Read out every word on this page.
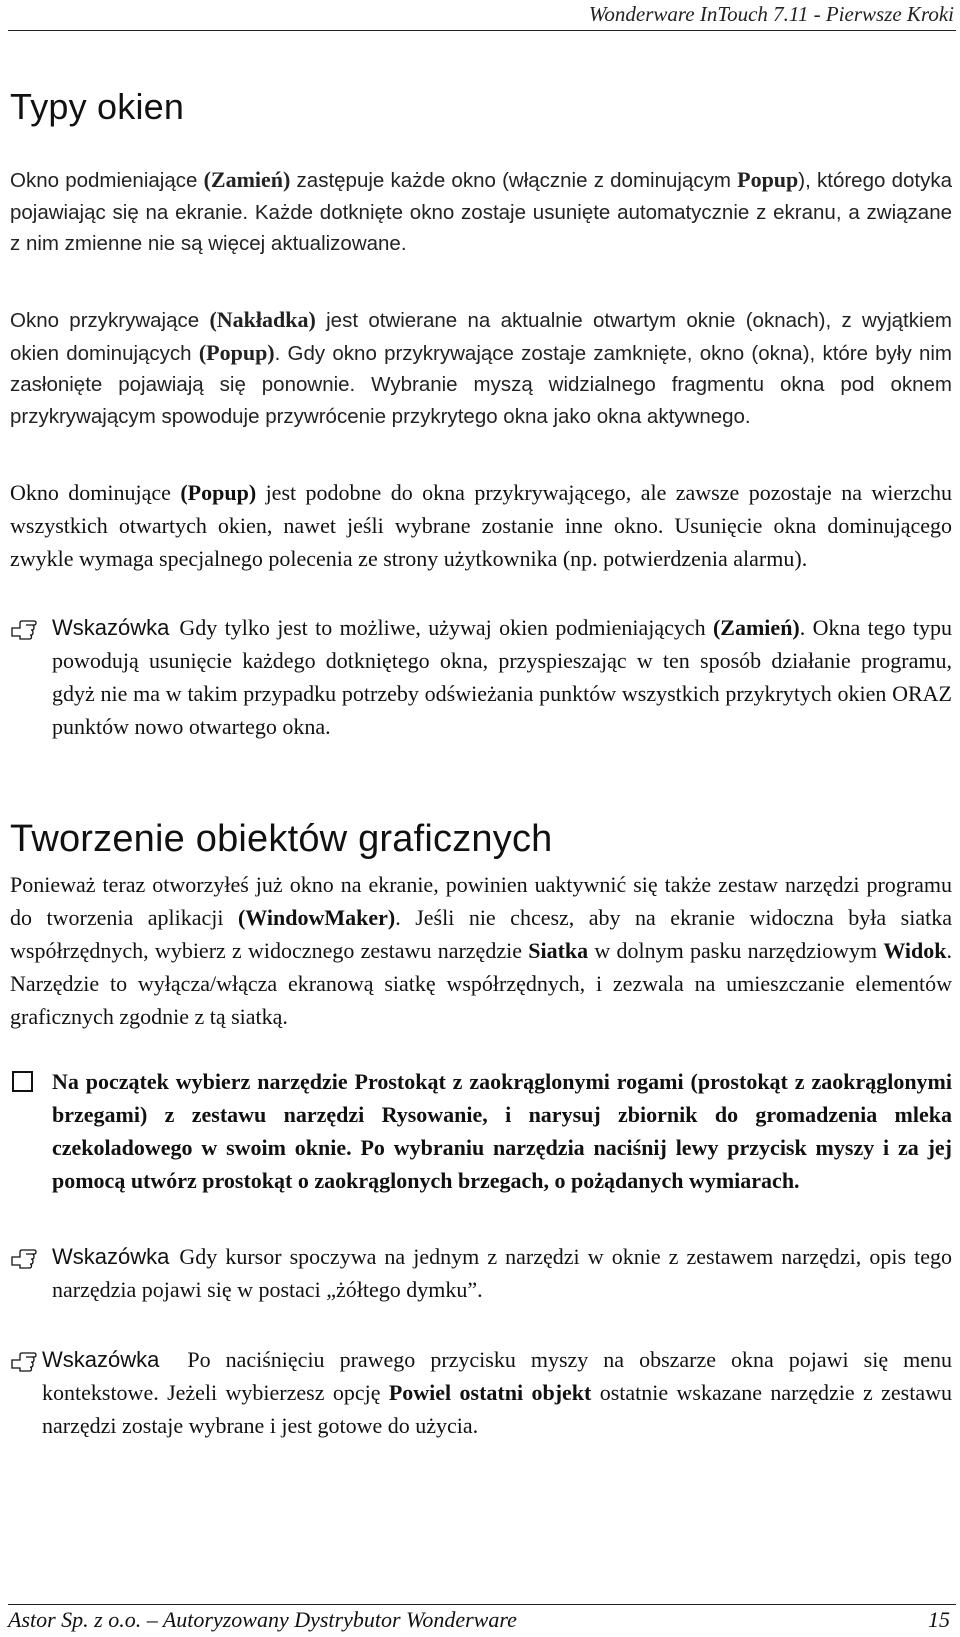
Wonderware InTouch 7.11 - Pierwsze Kroki
Typy okien

Okno podmieniające (Zamień) zastępuje każde okno (włącznie z dominującym Popup), którego dotyka pojawiając się na ekranie. Każde dotknięte okno zostaje usunięte automatycznie z ekranu, a związane z nim zmienne nie są więcej aktualizowane.

Okno przykrywające (Nakładka) jest otwierane na aktualnie otwartym oknie (oknach), z wyjątkiem okien dominujących (Popup). Gdy okno przykrywające zostaje zamknięte, okno (okna), które były nim zasłonięte pojawiają się ponownie. Wybranie myszą widzialnego fragmentu okna pod oknem przykrywającym spowoduje przywrócenie przykrytego okna jako okna aktywnego.

Okno dominujące (Popup) jest podobne do okna przykrywającego, ale zawsze pozostaje na wierzchu wszystkich otwartych okien, nawet jeśli wybrane zostanie inne okno. Usunięcie okna dominującego zwykle wymaga specjalnego polecenia ze strony użytkownika (np. potwierdzenia alarmu).

Wskazówka Gdy tylko jest to możliwe, używaj okien podmieniających (Zamień). Okna tego typu powodują usunięcie każdego dotkniętego okna, przyspieszając w ten sposób działanie programu, gdyż nie ma w takim przypadku potrzeby odświeżania punktów wszystkich przykrytych okien ORAZ punktów nowo otwartego okna.
Tworzenie obiektów graficznych

Ponieważ teraz otworzyłeś już okno na ekranie, powinien uaktywnić się także zestaw narzędzi programu do tworzenia aplikacji (WindowMaker). Jeśli nie chcesz, aby na ekranie widoczna była siatka współrzędnych, wybierz z widocznego zestawu narzędzie Siatka w dolnym pasku narzędziowym Widok. Narzędzie to wyłącza/włącza ekranową siatkę współrzędnych, i zezwala na umieszczanie elementów graficznych zgodnie z tą siatką.

Na początek wybierz narzędzie Prostokąt z zaokrąglonymi rogami (prostokąt z zaokrąglonymi brzegami) z zestawu narzędzi Rysowanie, i narysuj zbiornik do gromadzenia mleka czekoladowego w swoim oknie. Po wybraniu narzędzia naciśnij lewy przycisk myszy i za jej pomocą utwórz prostokąt o zaokrąglonych brzegach, o pożądanych wymiarach.
Wskazówka Gdy kursor spoczywa na jednym z narzędzi w oknie z zestawem narzędzi, opis tego narzędzia pojawi się w postaci „żółtego dymku”.
Wskazówka Po naciśnięciu prawego przycisku myszy na obszarze okna pojawi się menu kontekstowe. Jeżeli wybierzesz opcję Powiel ostatni objekt ostatnie wskazane narzędzie z zestawu narzędzi zostaje wybrane i jest gotowe do użycia.
Astor Sp. z o.o. – Autoryzowany Dystrybutor Wonderware	15
